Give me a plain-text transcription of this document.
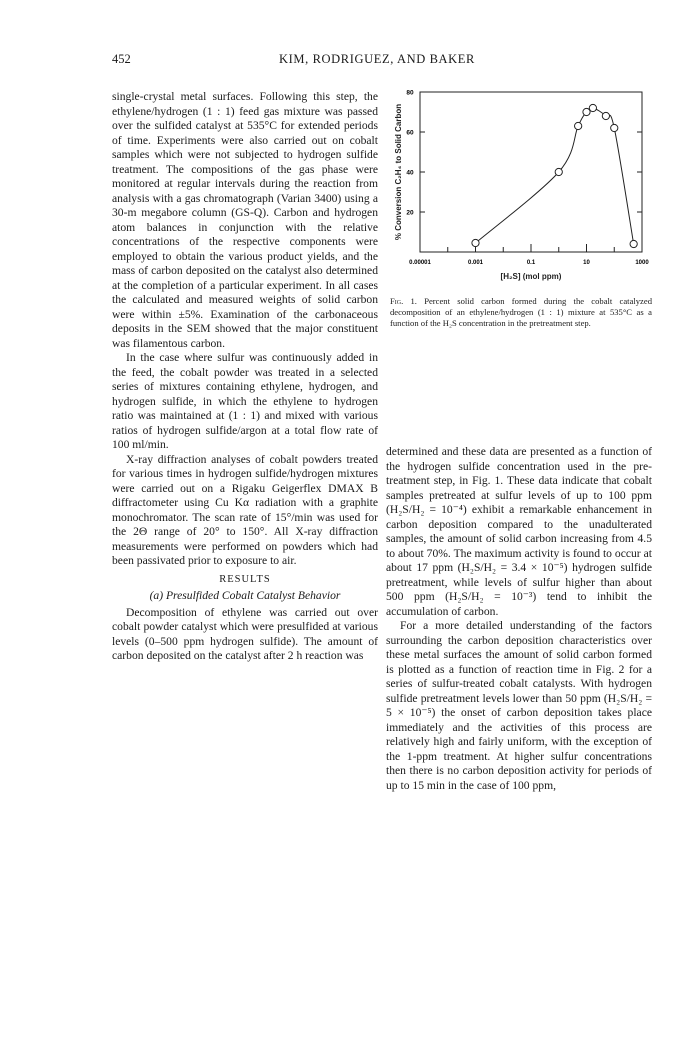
452	KIM, RODRIGUEZ, AND BAKER

single-crystal metal surfaces. Following this step, the ethylene/hydrogen (1 : 1) feed gas mixture was passed over the sulfided catalyst at 535°C for extended periods of time. Experiments were also carried out on cobalt samples which were not subjected to hydrogen sulfide treatment. The compositions of the gas phase were monitored at regular intervals during the reaction from analysis with a gas chromatograph (Varian 3400) using a 30-m megabore column (GS-Q). Carbon and hydrogen atom balances in conjunction with the relative concentrations of the respective components were employed to obtain the various product yields, and the mass of carbon deposited on the catalyst also determined at the completion of a particular experiment. In all cases the calculated and measured weights of solid carbon were within ±5%. Examination of the carbonaceous deposits in the SEM showed that the major constituent was filamentous carbon.

In the case where sulfur was continuously added in the feed, the cobalt powder was treated in a selected series of mixtures containing ethylene, hydrogen, and hydrogen sulfide, in which the ethylene to hydrogen ratio was maintained at (1 : 1) and mixed with various ratios of hydrogen sulfide/argon at a total flow rate of 100 ml/min.

X-ray diffraction analyses of cobalt powders treated for various times in hydrogen sulfide/hydrogen mixtures were carried out on a Rigaku Geigerflex DMAX B diffractometer using Cu Kα radiation with a graphite monochromator. The scan rate of 15°/min was used for the 2Θ range of 20° to 150°. All X-ray diffraction measurements were performed on powders which had been passivated prior to exposure to air.

RESULTS

(a) Presulfided Cobalt Catalyst Behavior

Decomposition of ethylene was carried out over cobalt powder catalyst which were presulfided at various levels (0–500 ppm hydrogen sulfide). The amount of carbon deposited on the catalyst after 2 h reaction was

% Conversion C₂H₄ to Solid Carbon
[H₂S] (mol ppm)
20
40
60
80
0.00001	0.001	0.1	10	1000
Fig. 1. Percent solid carbon formed during the cobalt catalyzed decomposition of an ethylene/hydrogen (1 : 1) mixture at 535°C as a function of the H₂S concentration in the pretreatment step.

determined and these data are presented as a function of the hydrogen sulfide concentration used in the pre-treatment step, in Fig. 1. These data indicate that cobalt samples pretreated at sulfur levels of up to 100 ppm (H₂S/H₂ = 10⁻⁴) exhibit a remarkable enhancement in carbon deposition compared to the unadulterated samples, the amount of solid carbon increasing from 4.5 to about 70%. The maximum activity is found to occur at about 17 ppm (H₂S/H₂ = 3.4 × 10⁻⁵) hydrogen sulfide pretreatment, while levels of sulfur higher than about 500 ppm (H₂S/H₂ = 10⁻³) tend to inhibit the accumulation of carbon.

For a more detailed understanding of the factors surrounding the carbon deposition characteristics over these metal surfaces the amount of solid carbon formed is plotted as a function of reaction time in Fig. 2 for a series of sulfur-treated cobalt catalysts. With hydrogen sulfide pretreatment levels lower than 50 ppm (H₂S/H₂ = 5 × 10⁻⁵) the onset of carbon deposition takes place immediately and the activities of this process are relatively high and fairly uniform, with the exception of the 1-ppm treatment. At higher sulfur concentrations then there is no carbon deposition activity for periods of up to 15 min in the case of 100 ppm,
